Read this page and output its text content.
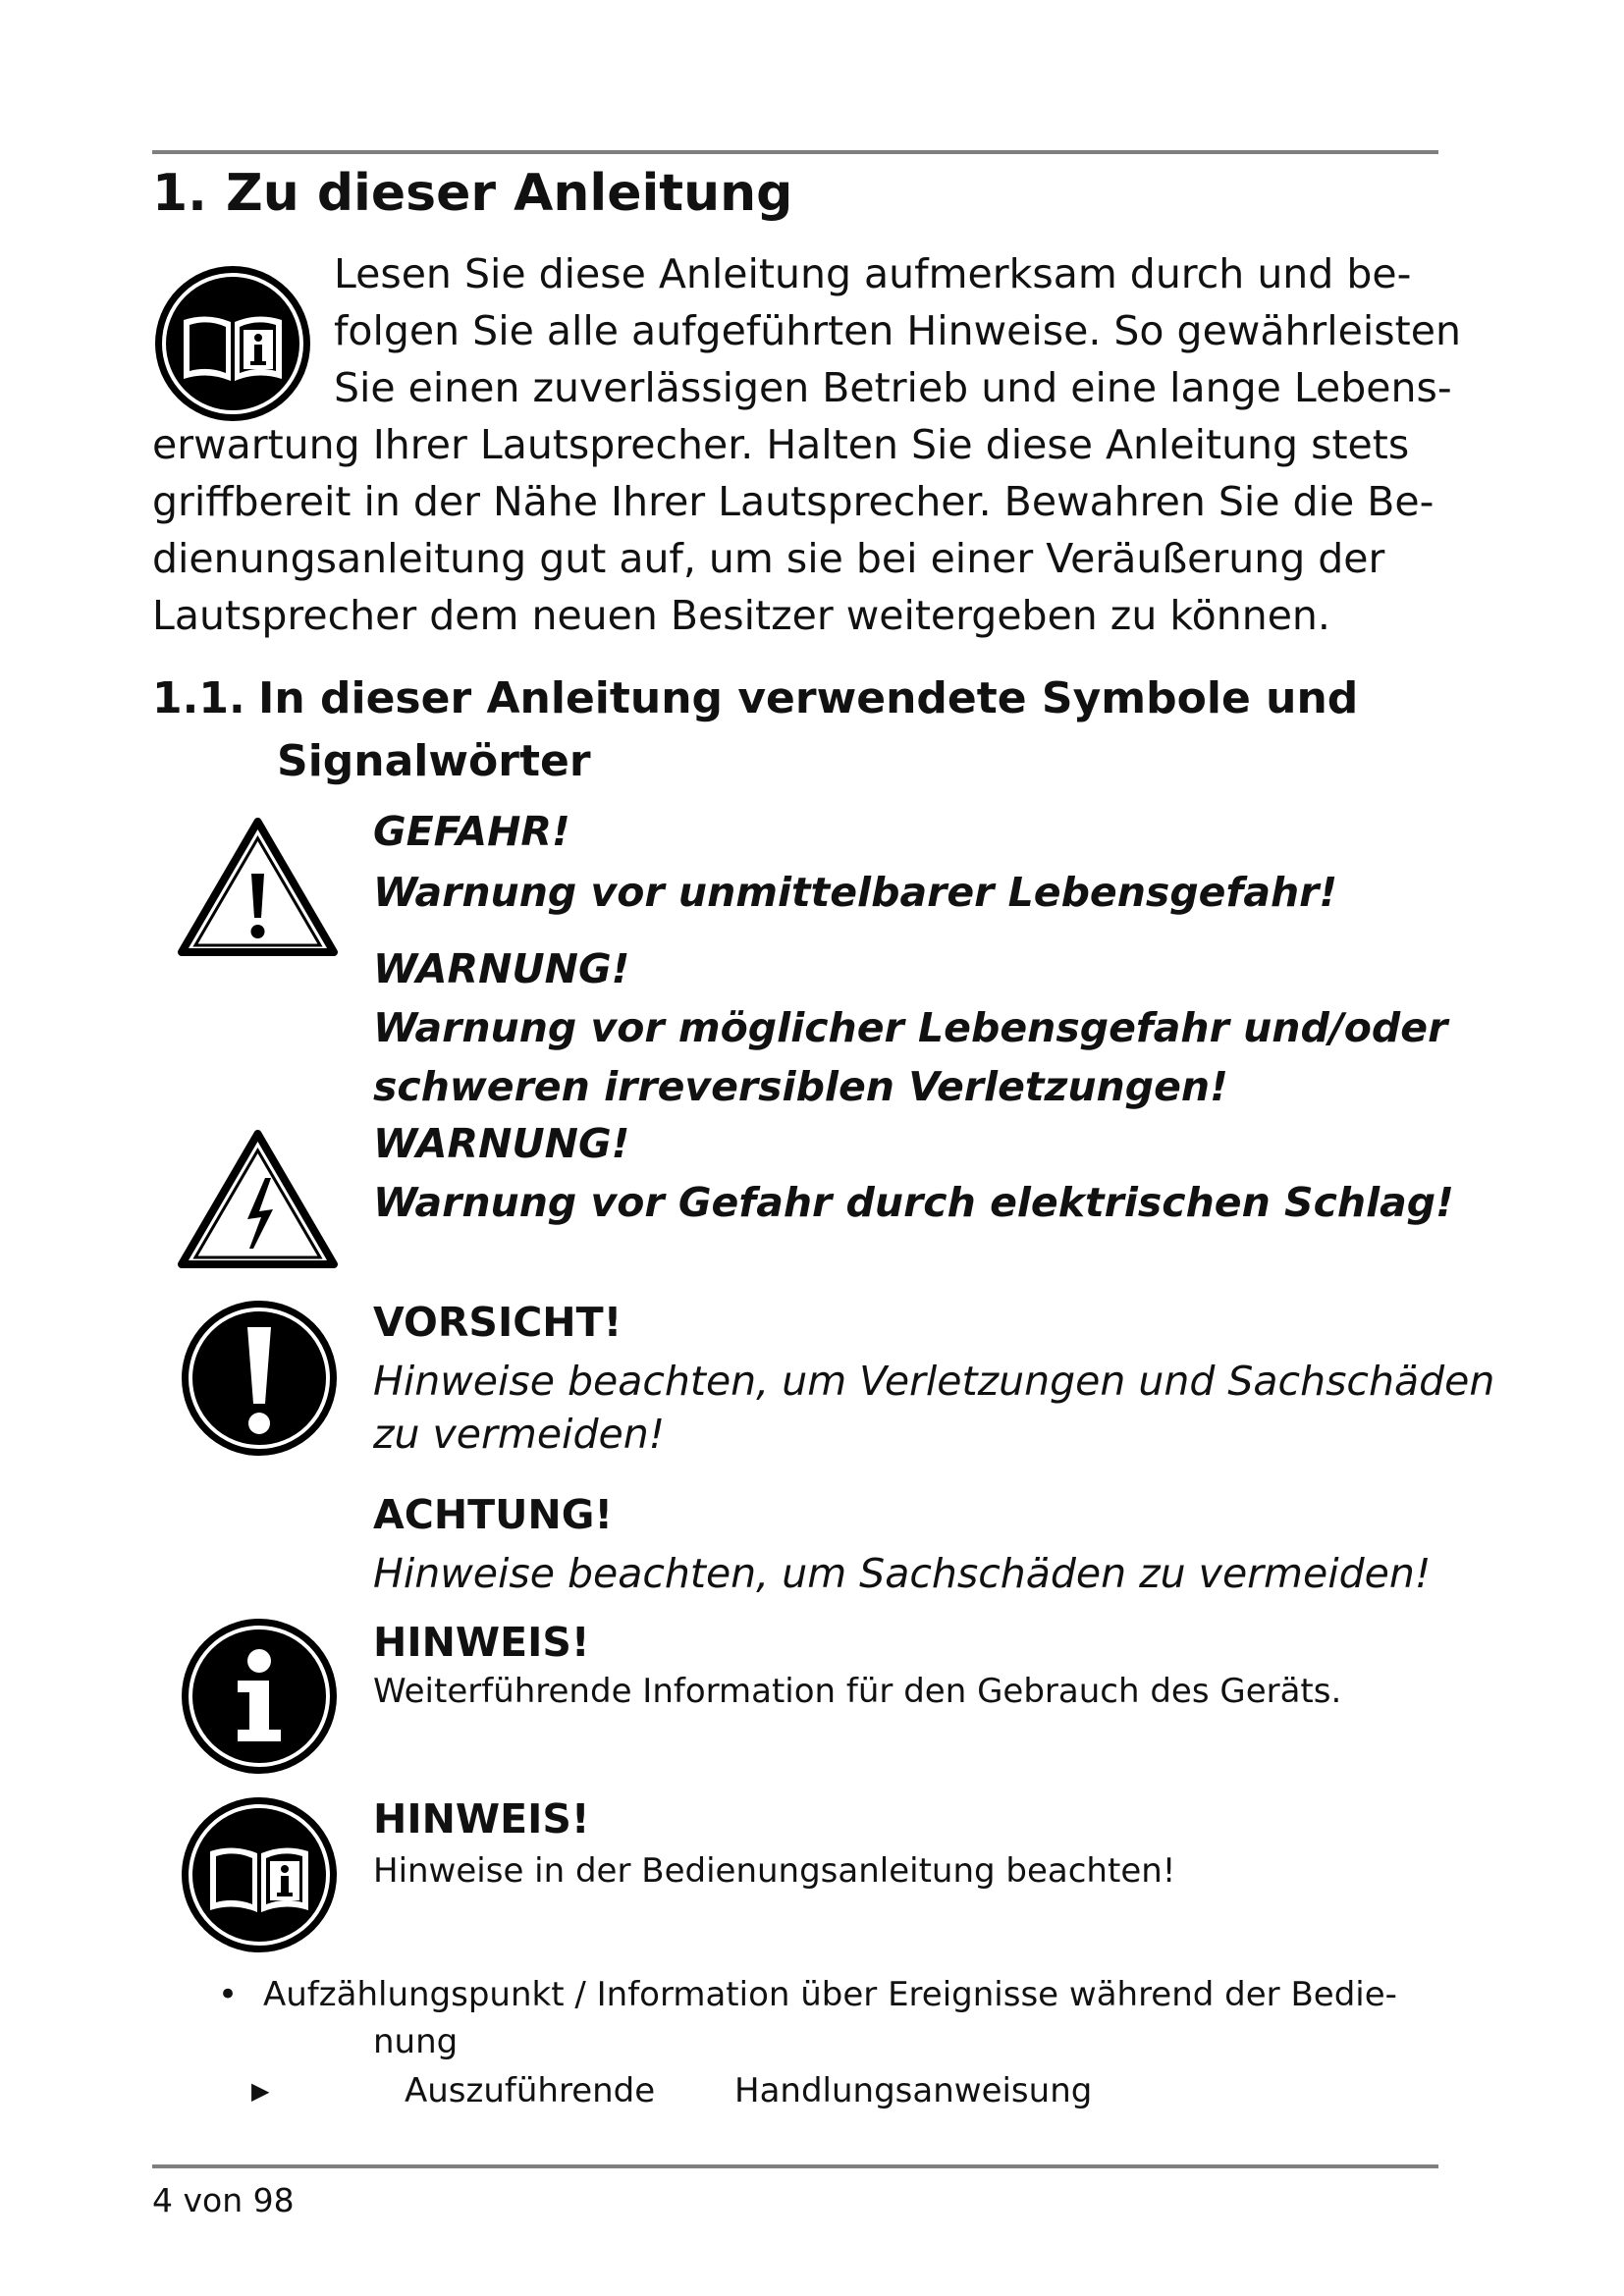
1. Zu dieser Anleitung
Lesen Sie diese Anleitung aufmerksam durch und be-
folgen Sie alle aufgeführten Hinweise. So gewährleisten
Sie einen zuverlässigen Betrieb und eine lange Lebens-
erwartung Ihrer Lautsprecher. Halten Sie diese Anleitung stets
griffbereit in der Nähe Ihrer Lautsprecher. Bewahren Sie die Be-
dienungsanleitung gut auf, um sie bei einer Veräußerung der
Lautsprecher dem neuen Besitzer weitergeben zu können.
1.1. In dieser Anleitung verwendete Symbole und
Signalwörter
GEFAHR!
Warnung vor unmittelbarer Lebensgefahr!
WARNUNG!
Warnung vor möglicher Lebensgefahr und/oder
schweren irreversiblen Verletzungen!
WARNUNG!
Warnung vor Gefahr durch elektrischen Schlag!
VORSICHT!
Hinweise beachten, um Verletzungen und Sachschäden
zu vermeiden!
ACHTUNG!
Hinweise beachten, um Sachschäden zu vermeiden!
HINWEIS!
Weiterführende Information für den Gebrauch des Geräts.
HINWEIS!
Hinweise in der Bedienungsanleitung beachten!
• Aufzählungspunkt / Information über Ereignisse während der Bedie-
nung
▶	Auszuführende Handlungsanweisung
4 von 98
